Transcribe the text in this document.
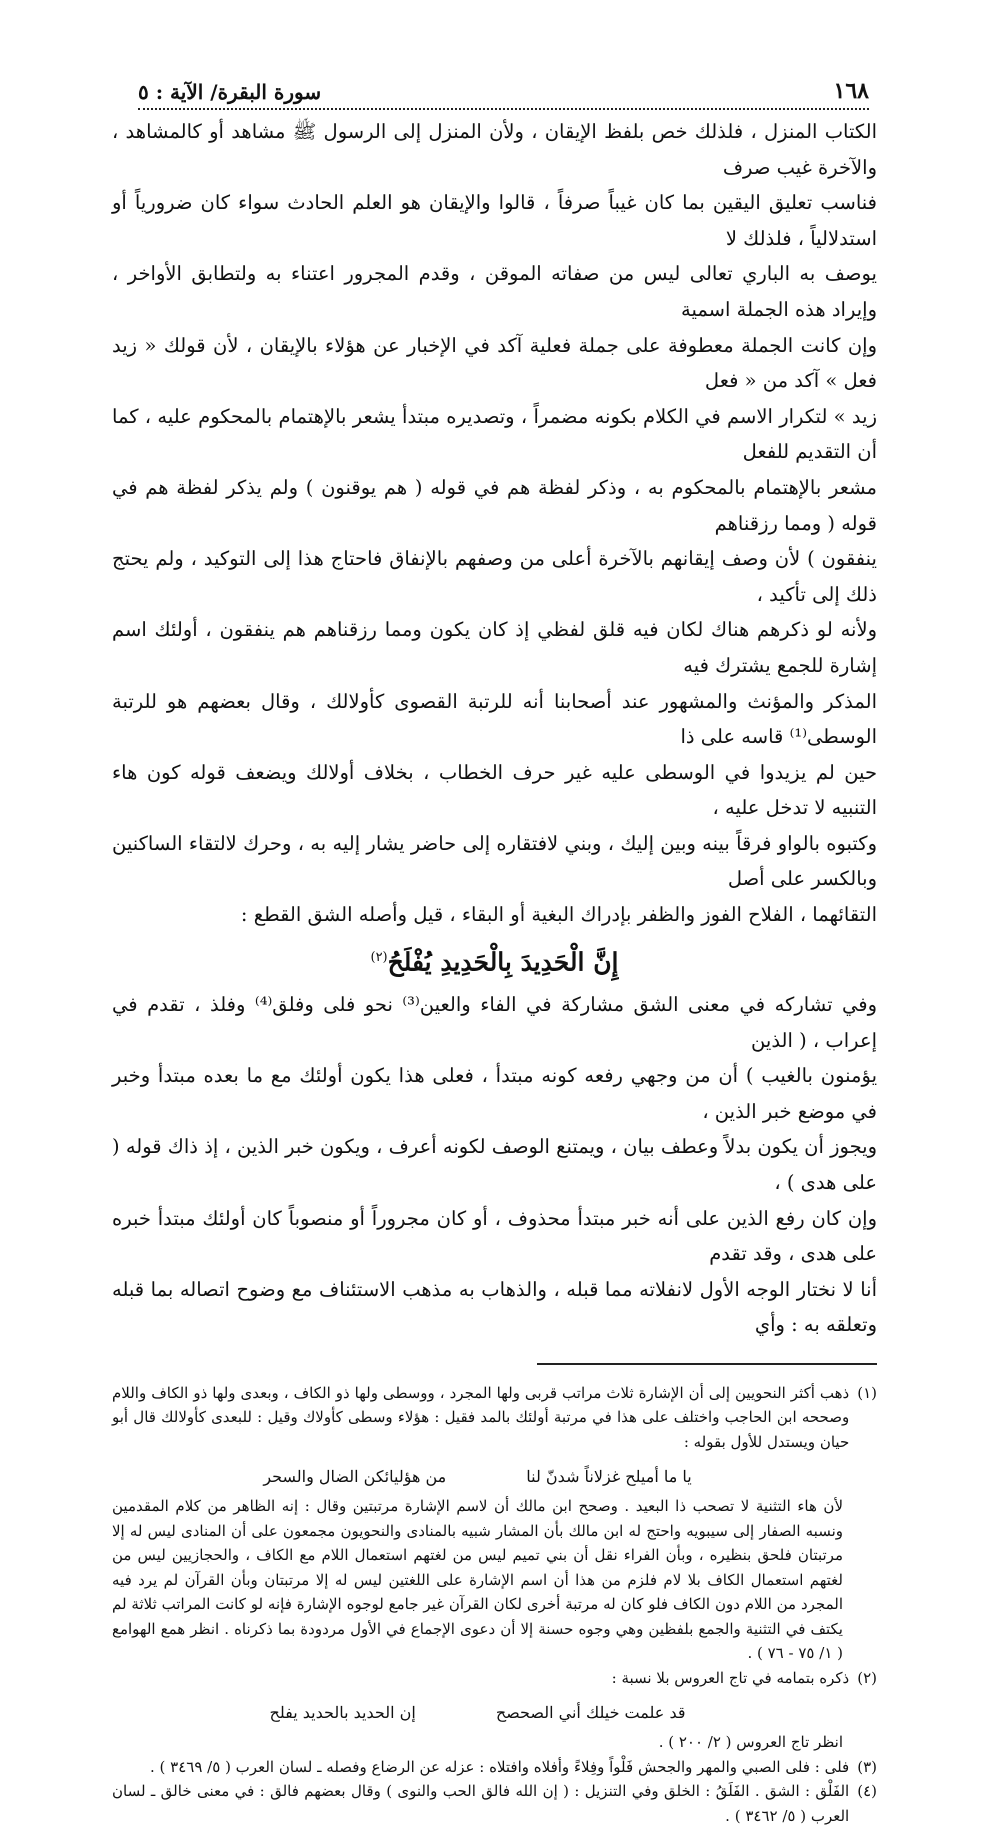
١٦٨
سورة البقرة/ الآية : ٥

الكتاب المنزل ، فلذلك خص بلفظ الإيقان ، ولأن المنزل إلى الرسول ﷺ مشاهد أو كالمشاهد ، والآخرة غيب صرف

فناسب تعليق اليقين بما كان غيباً صرفاً ، قالوا والإيقان هو العلم الحادث سواء كان ضرورياً أو استدلالياً ، فلذلك لا

يوصف به الباري تعالى ليس من صفاته الموقن ، وقدم المجرور اعتناء به ولتطابق الأواخر ، وإيراد هذه الجملة اسمية

وإن كانت الجملة معطوفة على جملة فعلية آكد في الإخبار عن هؤلاء بالإيقان ، لأن قولك « زيد فعل » آكد من « فعل

زيد » لتكرار الاسم في الكلام بكونه مضمراً ، وتصديره مبتدأ يشعر بالإهتمام بالمحكوم عليه ، كما أن التقديم للفعل

مشعر بالإهتمام بالمحكوم به ، وذكر لفظة هم في قوله ( هم يوقنون ) ولم يذكر لفظة هم في قوله ( ومما رزقناهم

ينفقون ) لأن وصف إيقانهم بالآخرة أعلى من وصفهم بالإنفاق فاحتاج هذا إلى التوكيد ، ولم يحتج ذلك إلى تأكيد ،

ولأنه لو ذكرهم هناك لكان فيه قلق لفظي إذ كان يكون ومما رزقناهم هم ينفقون ، أولئك اسم إشارة للجمع يشترك فيه

المذكر والمؤنث والمشهور عند أصحابنا أنه للرتبة القصوى كأولالك ، وقال بعضهم هو للرتبة الوسطى⁽¹⁾ قاسه على ذا

حين لم يزيدوا في الوسطى عليه غير حرف الخطاب ، بخلاف أولالك ويضعف قوله كون هاء التنبيه لا تدخل عليه ،

وكتبوه بالواو فرقاً بينه وبين إليك ، وبني لافتقاره إلى حاضر يشار إليه به ، وحرك لالتقاء الساكنين وبالكسر على أصل

التقائهما ، الفلاح الفوز والظفر بإدراك البغية أو البقاء ، قيل وأصله الشق القطع :

إِنَّ الْحَدِيدَ بِالْحَدِيدِ يُفْلَحُ$^{(٢)}$

وفي تشاركه في معنى الشق مشاركة في الفاء والعين⁽³⁾ نحو فلى وفلق⁽⁴⁾ وفلذ ، تقدم في إعراب ، ( الذين

يؤمنون بالغيب ) أن من وجهي رفعه كونه مبتدأ ، فعلى هذا يكون أولئك مع ما بعده مبتدأ وخبر في موضع خبر الذين ،

ويجوز أن يكون بدلاً وعطف بيان ، ويمتنع الوصف لكونه أعرف ، ويكون خبر الذين ، إذ ذاك قوله ( على هدى ) ،

وإن كان رفع الذين على أنه خبر مبتدأ محذوف ، أو كان مجروراً أو منصوباً كان أولئك مبتدأ خبره على هدى ، وقد تقدم

أنا لا نختار الوجه الأول لانفلاته مما قبله ، والذهاب به مذهب الاستئناف مع وضوح اتصاله بما قبله وتعلقه به : وأي

(١)
ذهب أكثر النحويين إلى أن الإشارة ثلاث مراتب قربى ولها المجرد ، ووسطى ولها ذو الكاف ، وبعدى ولها ذو الكاف واللام وصححه ابن الحاجب واختلف على هذا في مرتبة أولئك بالمد فقيل : هؤلاء وسطى كأولاك وقيل : للبعدى كأولالك قال أبو حيان ويستدل للأول بقوله :
يا ما أميلح غزلاناً شدنّ لنا
من هؤليائكن الضال والسحر
لأن هاء التثنية لا تصحب ذا البعيد . وصحح ابن مالك أن لاسم الإشارة مرتبتين وقال : إنه الظاهر من كلام المقدمين ونسبه الصفار إلى سيبويه واحتج له ابن مالك بأن المشار شبيه بالمنادى والنحويون مجمعون على أن المنادى ليس له إلا مرتبتان فلحق بنظيره ، وبأن الفراء نقل أن بني تميم ليس من لغتهم استعمال اللام مع الكاف ، والحجازيين ليس من لغتهم استعمال الكاف بلا لام فلزم من هذا أن اسم الإشارة على اللغتين ليس له إلا مرتبتان وبأن القرآن لم يرد فيه المجرد من اللام دون الكاف فلو كان له مرتبة أخرى لكان القرآن غير جامع لوجوه الإشارة فإنه لو كانت المراتب ثلاثة لم يكتف في التثنية والجمع بلفظين وهي وجوه حسنة إلا أن دعوى الإجماع في الأول مردودة بما ذكرناه . انظر همع الهوامع ( ١/ ٧٥ - ٧٦ ) .
(٢)
ذكره بتمامه في تاج العروس بلا نسبة :
قد علمت خيلك أني الصحصح
إن الحديد بالحديد يفلح
انظر تاج العروس ( ٢/ ٢٠٠ ) .
(٣)
فلى : فلى الصبي والمهر والجحش فَلْواً وفِلاءً وأفلاه وافتلاه : عزله عن الرضاع وفصله ـ لسان العرب ( ٥/ ٣٤٦٩ ) .
(٤)
الفَلْق : الشق . الفَلَقُ : الخلق وفي التنزيل : ( إن الله فالق الحب والنوى ) وقال بعضهم فالق : في معنى خالق ـ لسان العرب ( ٥/ ٣٤٦٢ ) .
